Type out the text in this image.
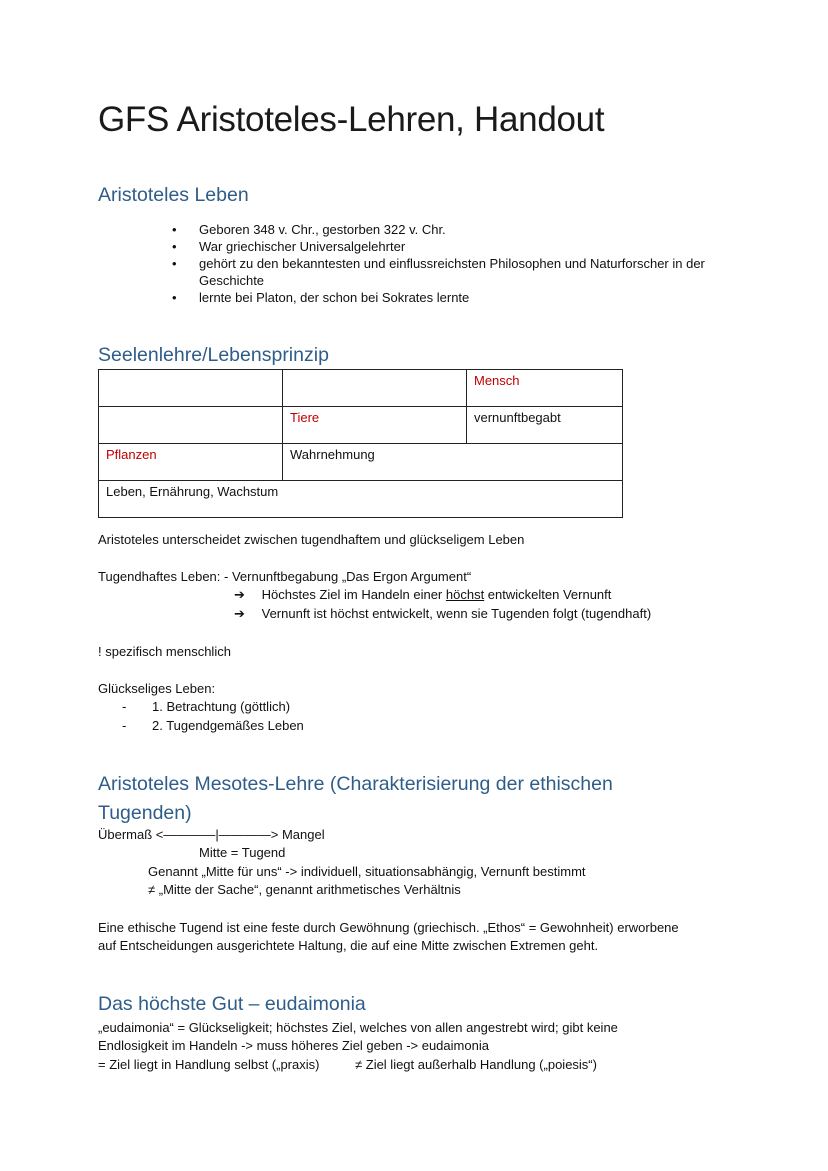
GFS Aristoteles-Lehren, Handout
Aristoteles Leben
• Geboren 348 v. Chr., gestorben 322 v. Chr.
• War griechischer Universalgelehrter
• gehört zu den bekanntesten und einflussreichsten Philosophen und Naturforscher in der Geschichte
• lernte bei Platon, der schon bei Sokrates lernte
Seelenlehre/Lebensprinzip
		Mensch
	Tiere	vernunftbegabt
Pflanzen	Wahrnehmung	
Leben, Ernährung, Wachstum		
Aristoteles unterscheidet zwischen tugendhaftem und glückseligem Leben
Tugendhaftes Leben: - Vernunftbegabung „Das Ergon Argument“
➔ Höchstes Ziel im Handeln einer höchst entwickelten Vernunft
➔ Vernunft ist höchst entwickelt, wenn sie Tugenden folgt (tugendhaft)
! spezifisch menschlich
Glückseliges Leben:
- 1. Betrachtung (göttlich)
- 2. Tugendgemäßes Leben
Aristoteles Mesotes-Lehre (Charakterisierung der ethischen
Tugenden)
Übermaß <————|————> Mangel
Mitte = Tugend
Genannt „Mitte für uns“ -> individuell, situationsabhängig, Vernunft bestimmt
≠ „Mitte der Sache“, genannt arithmetisches Verhältnis
Eine ethische Tugend ist eine feste durch Gewöhnung (griechisch. „Ethos“ = Gewohnheit) erworbene
auf Entscheidungen ausgerichtete Haltung, die auf eine Mitte zwischen Extremen geht.
Das höchste Gut – eudaimonia
„eudaimonia“ = Glückseligkeit; höchstes Ziel, welches von allen angestrebt wird; gibt keine
Endlosigkeit im Handeln -> muss höheres Ziel geben -> eudaimonia
= Ziel liegt in Handlung selbst („praxis)	≠ Ziel liegt außerhalb Handlung („poiesis“)
